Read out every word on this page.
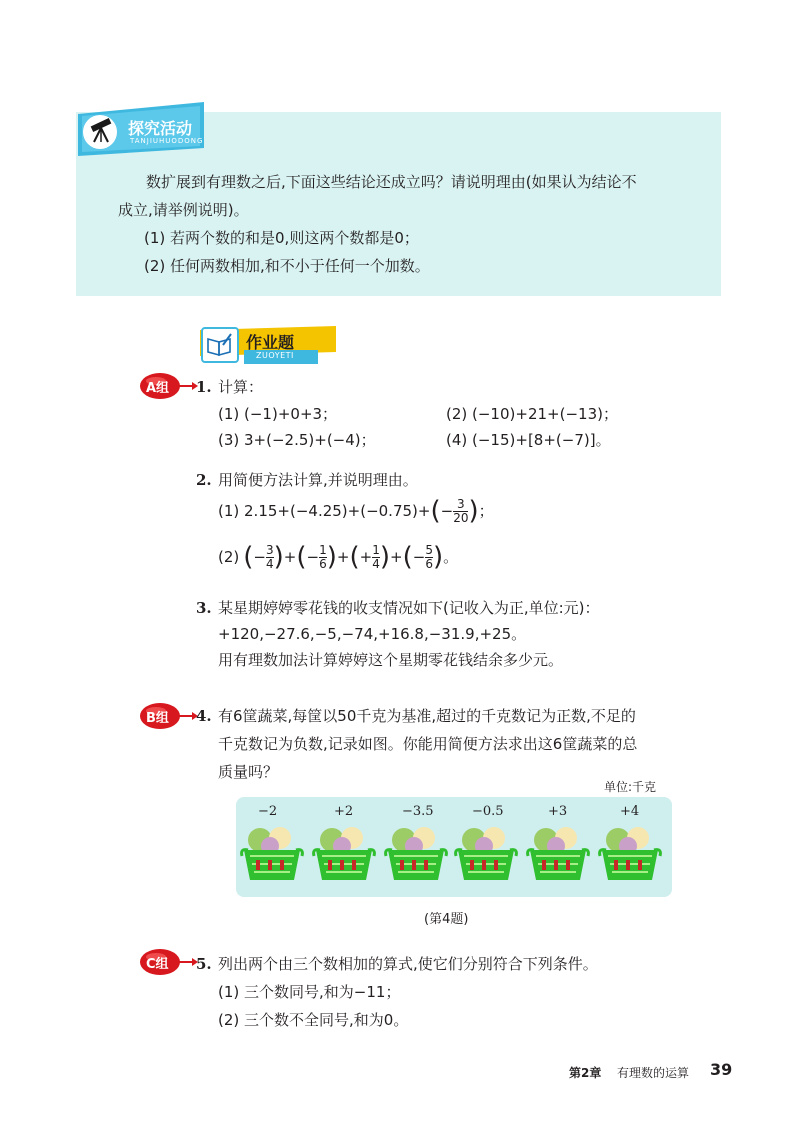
探究活动
TANJIUHUODONG
数扩展到有理数之后,下面这些结论还成立吗？请说明理由(如果认为结论不
成立,请举例说明)。
(1) 若两个数的和是0,则这两个数都是0；
(2) 任何两数相加,和不小于任何一个加数。
作业题
ZUOYETI
A组 1. 计算：
(1) (−1)+0+3；	(2) (−10)+21+(−13)；
(3) 3+(−2.5)+(−4)；	(4) (−15)+[8+(−7)]。
2. 用简便方法计算,并说明理由。
(1) 2.15+(−4.25)+(−0.75)+ ( − $\frac{3}{20}$ ) ；
(2) ( − $\frac{3}{4}$ ) + ( − $\frac{1}{6}$ ) + ( + $\frac{1}{4}$ ) + ( − $\frac{5}{6}$ ) 。
3. 某星期婷婷零花钱的收支情况如下(记收入为正,单位:元)：
+120,−27.6,−5,−74,+16.8,−31.9,+25。
用有理数加法计算婷婷这个星期零花钱结余多少元。
B组 4. 有6筐蔬菜,每筐以50千克为基准,超过的千克数记为正数,不足的
千克数记为负数,记录如图。你能用简便方法求出这6筐蔬菜的总
质量吗？
单位:千克
−2	+2	−3.5	−0.5	+3	+4
(第4题)
C组 5. 列出两个由三个数相加的算式,使它们分别符合下列条件。
(1) 三个数同号,和为−11；
(2) 三个数不全同号,和为0。
第2章 有理数的运算 39
